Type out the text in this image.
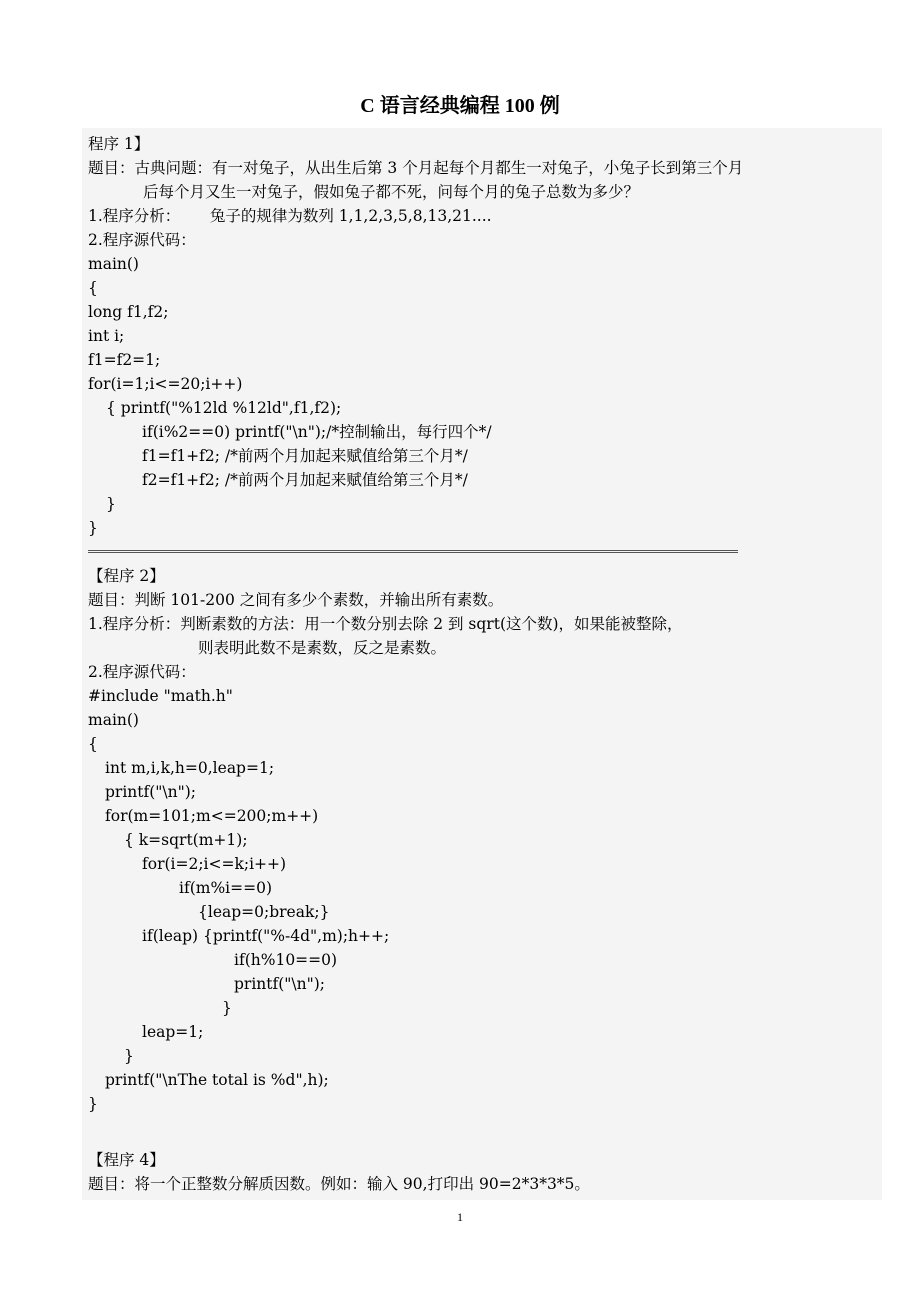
C 语言经典编程 100 例
程序 1】
题目：古典问题：有一对兔子，从出生后第 3 个月起每个月都生一对兔子，小兔子长到第三个月
后每个月又生一对兔子，假如兔子都不死，问每个月的兔子总数为多少？
1.程序分析：      兔子的规律为数列 1,1,2,3,5,8,13,21....
2.程序源代码：
main()
{
long f1,f2;
int i;
f1=f2=1;
for(i=1;i<=20;i++)
{ printf("%12ld %12ld",f1,f2);
if(i%2==0) printf("\n");/*控制输出，每行四个*/
f1=f1+f2; /*前两个月加起来赋值给第三个月*/
f2=f1+f2; /*前两个月加起来赋值给第三个月*/
}
}
【程序 2】
题目：判断 101-200 之间有多少个素数，并输出所有素数。
1.程序分析：判断素数的方法：用一个数分别去除 2 到 sqrt(这个数)，如果能被整除，
则表明此数不是素数，反之是素数。
2.程序源代码：
#include "math.h"
main()
{
int m,i,k,h=0,leap=1;
printf("\n");
for(m=101;m<=200;m++)
{ k=sqrt(m+1);
for(i=2;i<=k;i++)
if(m%i==0)
{leap=0;break;}
if(leap) {printf("%-4d",m);h++;
if(h%10==0)
printf("\n");
}
leap=1;
}
printf("\nThe total is %d",h);
}
【程序 4】
题目：将一个正整数分解质因数。例如：输入 90,打印出 90=2*3*3*5。
1
